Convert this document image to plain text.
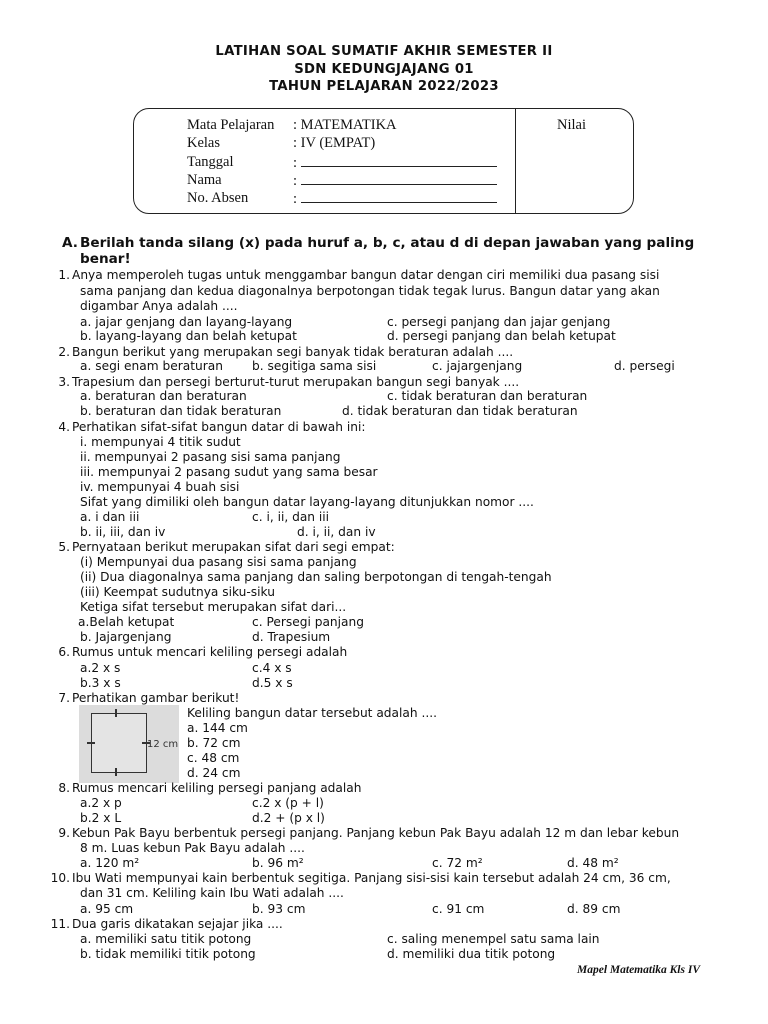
LATIHAN SOAL SUMATIF AKHIR SEMESTER II
SDN KEDUNGJAJANG 01
TAHUN PELAJARAN 2022/2023
Mata Pelajaran : MATEMATIKA
Kelas	: IV (EMPAT)
Tanggal	:
Nama	:
No. Absen	:
Nilai
A. Berilah tanda silang (x) pada huruf a, b, c, atau d di depan jawaban yang paling
benar!
1. Anya memperoleh tugas untuk menggambar bangun datar dengan ciri memiliki dua pasang sisi
sama panjang dan kedua diagonalnya berpotongan tidak tegak lurus. Bangun datar yang akan
digambar Anya adalah ....
a. jajar genjang dan layang-layang	c. persegi panjang dan jajar genjang
b. layang-layang dan belah ketupat	d. persegi panjang dan belah ketupat
2. Bangun berikut yang merupakan segi banyak tidak beraturan adalah ....
a. segi enam beraturan b. segitiga sama sisi	c. jajargenjang	d. persegi
3. Trapesium dan persegi berturut-turut merupakan bangun segi banyak ....
a. beraturan dan beraturan	c. tidak beraturan dan beraturan
b. beraturan dan tidak beraturan	d. tidak beraturan dan tidak beraturan
4. Perhatikan sifat-sifat bangun datar di bawah ini:
i. mempunyai 4 titik sudut
ii. mempunyai 2 pasang sisi sama panjang
iii. mempunyai 2 pasang sudut yang sama besar
iv. mempunyai 4 buah sisi
Sifat yang dimiliki oleh bangun datar layang-layang ditunjukkan nomor ....
a. i dan iii	c. i, ii, dan iii
b. ii, iii, dan iv	d. i, ii, dan iv
5. Pernyataan berikut merupakan sifat dari segi empat:
(i) Mempunyai dua pasang sisi sama panjang
(ii) Dua diagonalnya sama panjang dan saling berpotongan di tengah-tengah
(iii) Keempat sudutnya siku-siku
Ketiga sifat tersebut merupakan sifat dari...
a.Belah ketupat	c. Persegi panjang
b. Jajargenjang	d. Trapesium
6. Rumus untuk mencari keliling persegi adalah
a.2 x s	c.4 x s
b.3 x s	d.5 x s
7. Perhatikan gambar berikut!
12 cm
Keliling bangun datar tersebut adalah ....
a. 144 cm
b. 72 cm
c. 48 cm
d. 24 cm
8. Rumus mencari keliling persegi panjang adalah
a.2 x p	c.2 x (p + l)
b.2 x L	d.2 + (p x l)
9. Kebun Pak Bayu berbentuk persegi panjang. Panjang kebun Pak Bayu adalah 12 m dan lebar kebun
8 m. Luas kebun Pak Bayu adalah ....
a. 120 m²	b. 96 m²	c. 72 m²	d. 48 m²
10. Ibu Wati mempunyai kain berbentuk segitiga. Panjang sisi-sisi kain tersebut adalah 24 cm, 36 cm,
dan 31 cm. Keliling kain Ibu Wati adalah ....
a. 95 cm	b. 93 cm	c. 91 cm	d. 89 cm
11. Dua garis dikatakan sejajar jika ....
a. memiliki satu titik potong	c. saling menempel satu sama lain
b. tidak memiliki titik potong	d. memiliki dua titik potong
Mapel Matematika Kls IV
